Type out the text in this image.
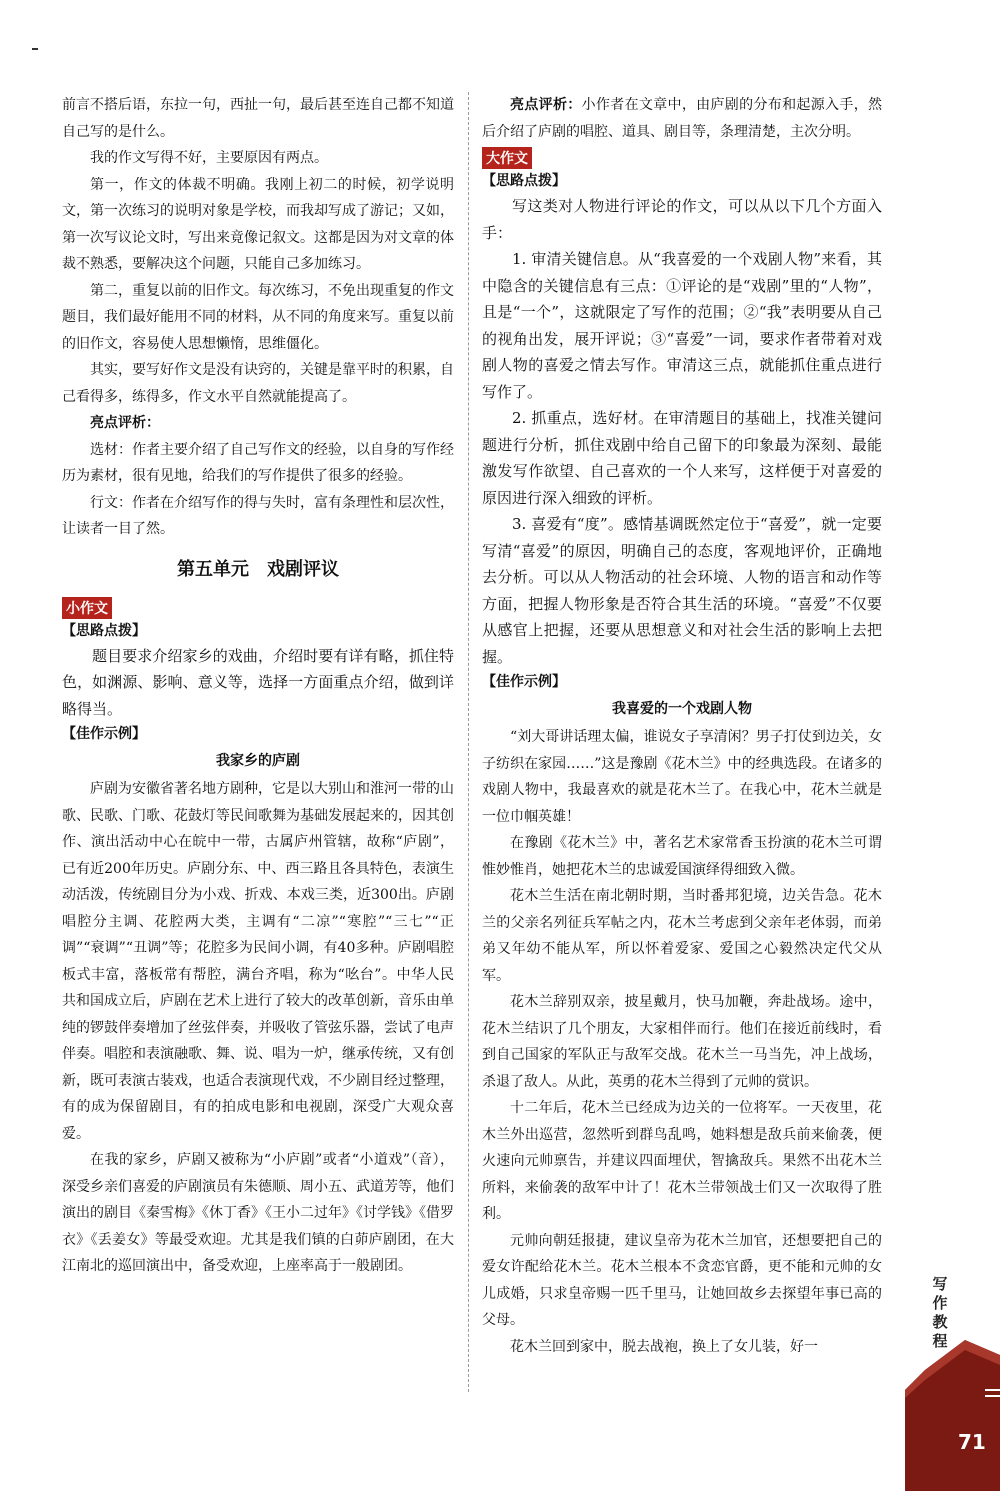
前言不搭后语，东拉一句，西扯一句，最后甚至连自己都不知道自己写的是什么。

我的作文写得不好，主要原因有两点。

第一，作文的体裁不明确。我刚上初二的时候，初学说明文，第一次练习的说明对象是学校，而我却写成了游记；又如，第一次写议论文时，写出来竟像记叙文。这都是因为对文章的体裁不熟悉，要解决这个问题，只能自己多加练习。

第二，重复以前的旧作文。每次练习，不免出现重复的作文题目，我们最好能用不同的材料，从不同的角度来写。重复以前的旧作文，容易使人思想懒惰，思维僵化。

其实，要写好作文是没有诀窍的，关键是靠平时的积累，自己看得多，练得多，作文水平自然就能提高了。

亮点评析：

选材：作者主要介绍了自己写作文的经验，以自身的写作经历为素材，很有见地，给我们的写作提供了很多的经验。

行文：作者在介绍写作的得与失时，富有条理性和层次性，让读者一目了然。

第五单元　戏剧评议
小作文
【思路点拨】

题目要求介绍家乡的戏曲，介绍时要有详有略，抓住特色，如渊源、影响、意义等，选择一方面重点介绍，做到详略得当。

【佳作示例】
我家乡的庐剧

庐剧为安徽省著名地方剧种，它是以大别山和淮河一带的山歌、民歌、门歌、花鼓灯等民间歌舞为基础发展起来的，因其创作、演出活动中心在皖中一带，古属庐州管辖，故称“庐剧”，已有近200年历史。庐剧分东、中、西三路且各具特色，表演生动活泼，传统剧目分为小戏、折戏、本戏三类，近300出。庐剧唱腔分主调、花腔两大类，主调有“二凉”“寒腔”“三七”“正调”“衰调”“丑调”等；花腔多为民间小调，有40多种。庐剧唱腔板式丰富，落板常有帮腔，满台齐唱，称为“吆台”。中华人民共和国成立后，庐剧在艺术上进行了较大的改革创新，音乐由单纯的锣鼓伴奏增加了丝弦伴奏，并吸收了管弦乐器，尝试了电声伴奏。唱腔和表演融歌、舞、说、唱为一炉，继承传统，又有创新，既可表演古装戏，也适合表演现代戏，不少剧目经过整理，有的成为保留剧目，有的拍成电影和电视剧，深受广大观众喜爱。

在我的家乡，庐剧又被称为“小庐剧”或者“小道戏”（音），深受乡亲们喜爱的庐剧演员有朱德顺、周小五、武道芳等，他们演出的剧目《秦雪梅》《休丁香》《王小二过年》《讨学钱》《借罗衣》《丢姜女》等最受欢迎。尤其是我们镇的白茆庐剧团，在大江南北的巡回演出中，备受欢迎，上座率高于一般剧团。

亮点评析：小作者在文章中，由庐剧的分布和起源入手，然后介绍了庐剧的唱腔、道具、剧目等，条理清楚，主次分明。

大作文
【思路点拨】

写这类对人物进行评论的作文，可以从以下几个方面入手：

1. 审清关键信息。从“我喜爱的一个戏剧人物”来看，其中隐含的关键信息有三点：①评论的是“戏剧”里的“人物”，且是“一个”，这就限定了写作的范围；②“我”表明要从自己的视角出发，展开评说；③“喜爱”一词，要求作者带着对戏剧人物的喜爱之情去写作。审清这三点，就能抓住重点进行写作了。

2. 抓重点，选好材。在审清题目的基础上，找准关键问题进行分析，抓住戏剧中给自己留下的印象最为深刻、最能激发写作欲望、自己喜欢的一个人来写，这样便于对喜爱的原因进行深入细致的评析。

3. 喜爱有“度”。感情基调既然定位于“喜爱”，就一定要写清“喜爱”的原因，明确自己的态度，客观地评价，正确地去分析。可以从人物活动的社会环境、人物的语言和动作等方面，把握人物形象是否符合其生活的环境。“喜爱”不仅要从感官上把握，还要从思想意义和对社会生活的影响上去把握。

【佳作示例】
我喜爱的一个戏剧人物

“刘大哥讲话理太偏，谁说女子享清闲？男子打仗到边关，女子纺织在家园……”这是豫剧《花木兰》中的经典选段。在诸多的戏剧人物中，我最喜欢的就是花木兰了。在我心中，花木兰就是一位巾帼英雄！

在豫剧《花木兰》中，著名艺术家常香玉扮演的花木兰可谓惟妙惟肖，她把花木兰的忠诚爱国演绎得细致入微。

花木兰生活在南北朝时期，当时番邦犯境，边关告急。花木兰的父亲名列征兵军帖之内，花木兰考虑到父亲年老体弱，而弟弟又年幼不能从军，所以怀着爱家、爱国之心毅然决定代父从军。

花木兰辞别双亲，披星戴月，快马加鞭，奔赴战场。途中，花木兰结识了几个朋友，大家相伴而行。他们在接近前线时，看到自己国家的军队正与敌军交战。花木兰一马当先，冲上战场，杀退了敌人。从此，英勇的花木兰得到了元帅的赏识。

十二年后，花木兰已经成为边关的一位将军。一天夜里，花木兰外出巡营，忽然听到群鸟乱鸣，她料想是敌兵前来偷袭，便火速向元帅禀告，并建议四面埋伏，智擒敌兵。果然不出花木兰所料，来偷袭的敌军中计了！花木兰带领战士们又一次取得了胜利。

元帅向朝廷报捷，建议皇帝为花木兰加官，还想要把自己的爱女许配给花木兰。花木兰根本不贪恋官爵，更不能和元帅的女儿成婚，只求皇帝赐一匹千里马，让她回故乡去探望年事已高的父母。

花木兰回到家中，脱去战袍，换上了女儿装，好一

写作教程
71
